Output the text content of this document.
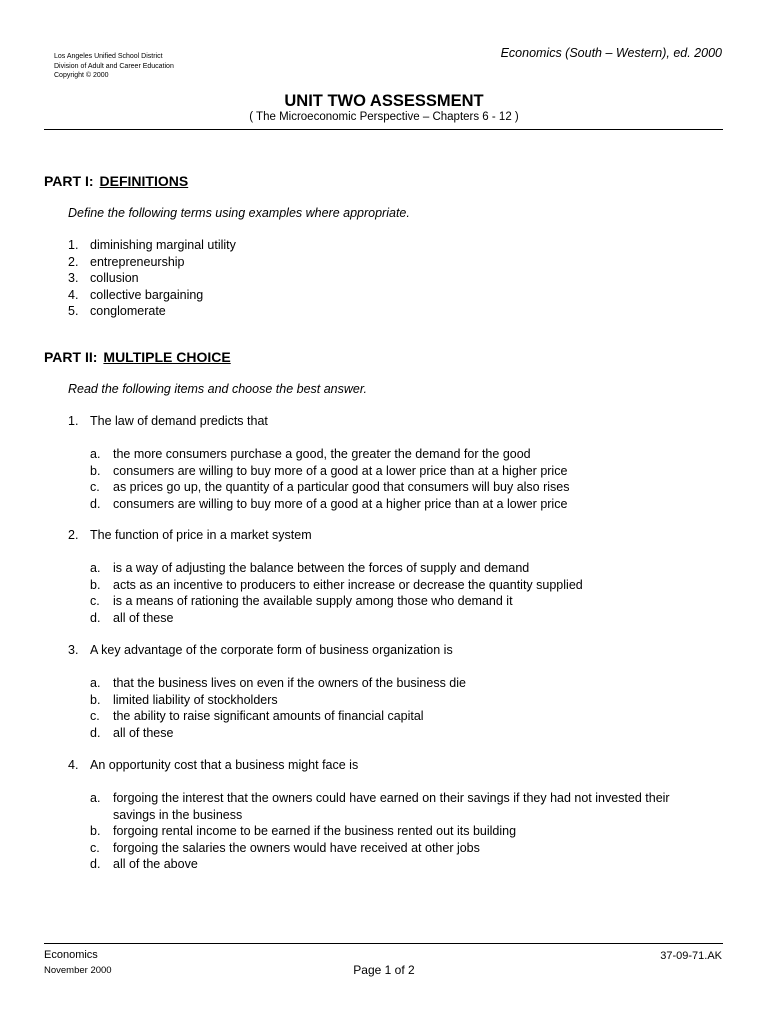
Los Angeles Unified School District
Division of Adult and Career Education
Copyright © 2000
Economics (South – Western), ed. 2000
UNIT TWO ASSESSMENT
( The Microeconomic Perspective – Chapters 6 - 12 )
PART I: DEFINITIONS
Define the following terms using examples where appropriate.
1. diminishing marginal utility
2. entrepreneurship
3. collusion
4. collective bargaining
5. conglomerate
PART II: MULTIPLE CHOICE
Read the following items and choose the best answer.
1. The law of demand predicts that
a.	the more consumers purchase a good, the greater the demand for the good
b.	consumers are willing to buy more of a good at a lower price than at a higher price
c.	as prices go up, the quantity of a particular good that consumers will buy also rises
d.	consumers are willing to buy more of a good at a higher price than at a lower price
2. The function of price in a market system
a.	is a way of adjusting the balance between the forces of supply and demand
b.	acts as an incentive to producers to either increase or decrease the quantity supplied
c.	is a means of rationing the available supply among those who demand it
d.	all of these
3. A key advantage of the corporate form of business organization is
a.	that the business lives on even if the owners of the business die
b.	limited liability of stockholders
c.	the ability to raise significant amounts of financial capital
d.	all of these
4. An opportunity cost that a business might face is
a.	forgoing the interest that the owners could have earned on their savings if they had not invested their savings in the business
b.	forgoing rental income to be earned if the business rented out its building
c.	forgoing the salaries the owners would have received at other jobs
d.	all of the above
Economics
November 2000	Page 1 of 2
37-09-71.AK
